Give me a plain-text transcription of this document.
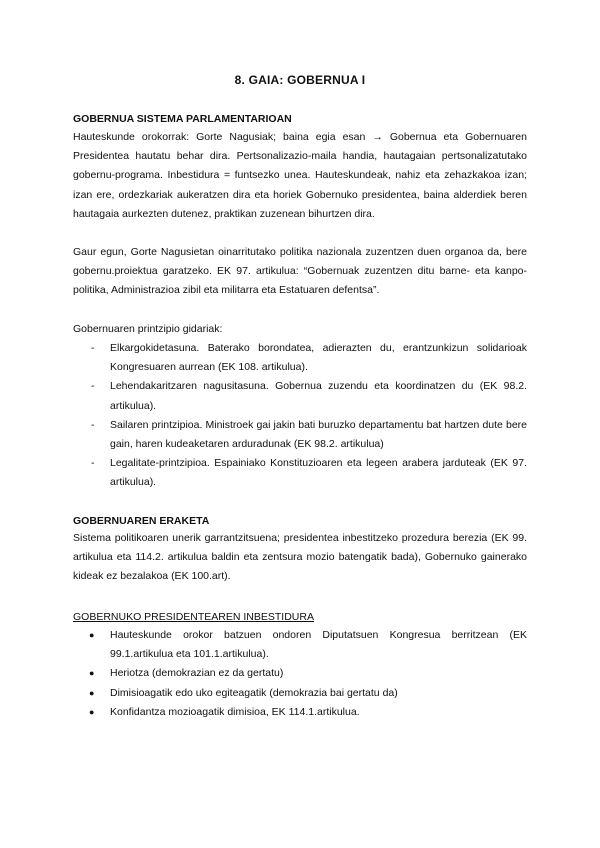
8. GAIA: GOBERNUA I
GOBERNUA SISTEMA PARLAMENTARIOAN

Hauteskunde orokorrak: Gorte Nagusiak; baina egia esan → Gobernua eta Gobernuaren Presidentea hautatu behar dira. Pertsonalizazio-maila handia, hautagaian pertsonalizatutako gobernu-programa. Inbestidura = funtsezko unea. Hauteskundeak, nahiz eta zehazkakoa izan; izan ere, ordezkariak aukeratzen dira eta horiek Gobernuko presidentea, baina alderdiek beren hautagaia aurkezten dutenez, praktikan zuzenean bihurtzen dira.

Gaur egun, Gorte Nagusietan oinarritutako politika nazionala zuzentzen duen organoa da, bere gobernu.proiektua garatzeko. EK 97. artikulua: “Gobernuak zuzentzen ditu barne- eta kanpo-politika, Administrazioa zibil eta militarra eta Estatuaren defentsa”.

Gobernuaren printzipio gidariak:

- Elkargokidetasuna. Baterako borondatea, adierazten du, erantzunkizun solidarioak Kongresuaren aurrean (EK 108. artikulua).
- Lehendakaritzaren nagusitasuna. Gobernua zuzendu eta koordinatzen du (EK 98.2. artikulua).
- Sailaren printzipioa. Ministroek gai jakin bati buruzko departamentu bat hartzen dute bere gain, haren kudeaketaren arduradunak (EK 98.2. artikulua)
- Legalitate-printzipioa. Espainiako Konstituzioaren eta legeen arabera jarduteak (EK 97. artikulua).
GOBERNUAREN ERAKETA

Sistema politikoaren unerik garrantzitsuena; presidentea inbestitzeko prozedura berezia (EK 99. artikulua eta 114.2. artikulua baldin eta zentsura mozio batengatik bada), Gobernuko gainerako kideak ez bezalakoa (EK 100.art).

GOBERNUKO PRESIDENTEAREN INBESTIDURA
● Hauteskunde orokor batzuen ondoren Diputatsuen Kongresua berritzean (EK 99.1.artikulua eta 101.1.artikulua).
● Heriotza (demokrazian ez da gertatu)
● Dimisioagatik edo uko egiteagatik (demokrazia bai gertatu da)
● Konfidantza mozioagatik dimisioa, EK 114.1.artikulua.
